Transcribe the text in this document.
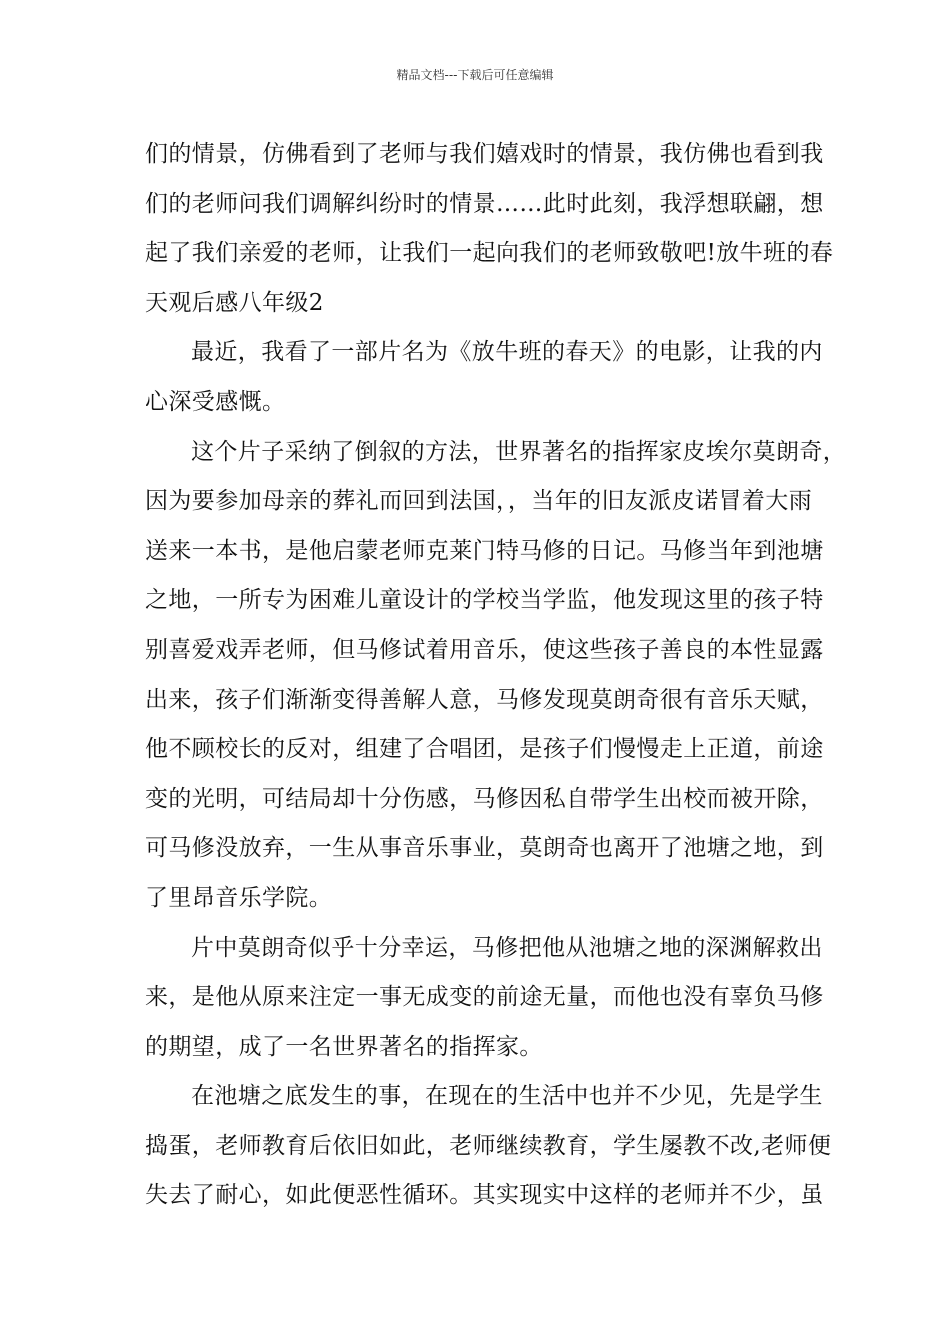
精品文档---下载后可任意编辑
们的情景，仿佛看到了老师与我们嬉戏时的情景，我仿佛也看到我
们的老师问我们调解纠纷时的情景……此时此刻，我浮想联翩，想
起了我们亲爱的老师，让我们一起向我们的老师致敬吧!放牛班的春
天观后感八年级2
最近，我看了一部片名为《放牛班的春天》的电影，让我的内
心深受感慨。
这个片子采纳了倒叙的方法，世界著名的指挥家皮埃尔莫朗奇，
因为要参加母亲的葬礼而回到法国，，当年的旧友派皮诺冒着大雨
送来一本书，是他启蒙老师克莱门特马修的日记。马修当年到池塘
之地，一所专为困难儿童设计的学校当学监，他发现这里的孩子特
别喜爱戏弄老师，但马修试着用音乐，使这些孩子善良的本性显露
出来，孩子们渐渐变得善解人意，马修发现莫朗奇很有音乐天赋，
他不顾校长的反对，组建了合唱团，是孩子们慢慢走上正道，前途
变的光明，可结局却十分伤感，马修因私自带学生出校而被开除，
可马修没放弃，一生从事音乐事业，莫朗奇也离开了池塘之地，到
了里昂音乐学院。
片中莫朗奇似乎十分幸运，马修把他从池塘之地的深渊解救出
来，是他从原来注定一事无成变的前途无量，而他也没有辜负马修
的期望，成了一名世界著名的指挥家。
在池塘之底发生的事，在现在的生活中也并不少见，先是学生
捣蛋，老师教育后依旧如此，老师继续教育，学生屡教不改,老师便
失去了耐心，如此便恶性循环。其实现实中这样的老师并不少，虽
